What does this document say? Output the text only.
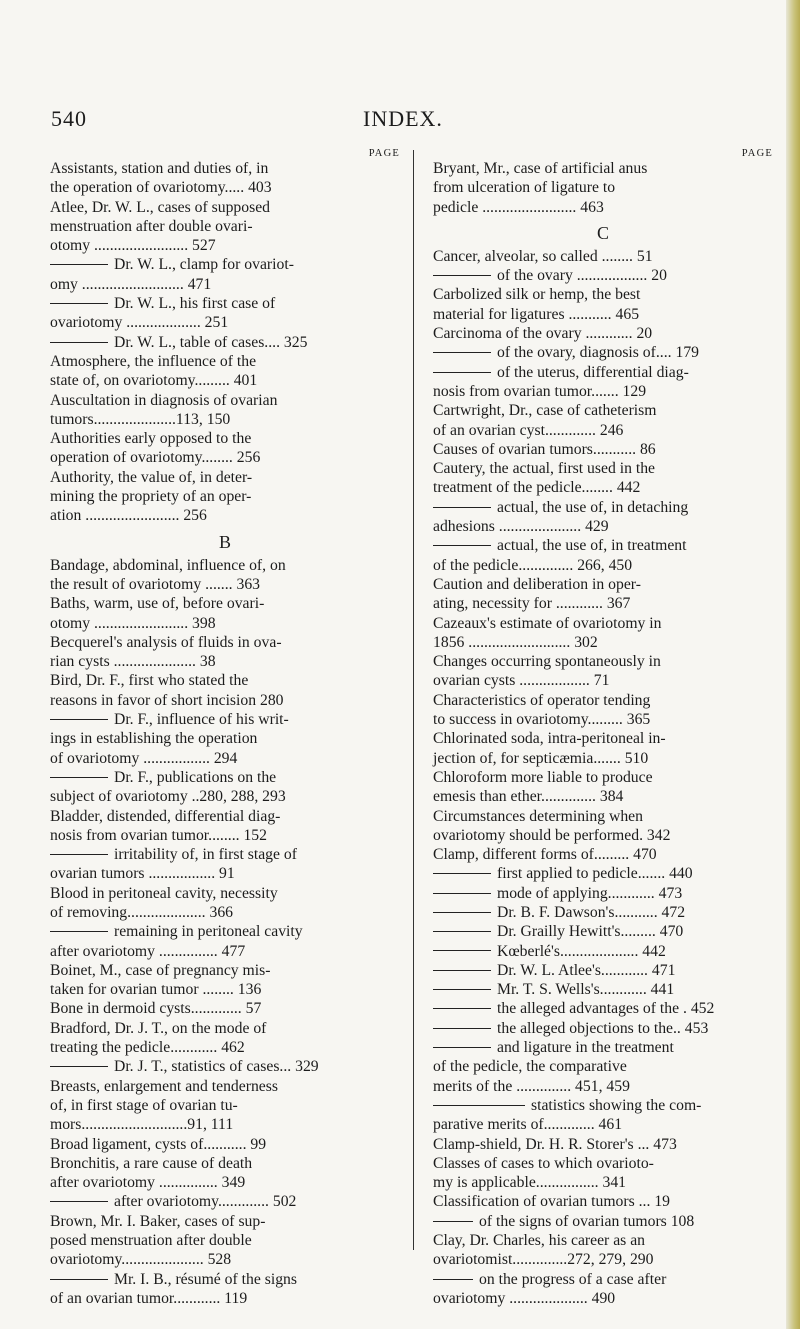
540	INDEX.
PAGE
Assistants, station and duties of, in
the operation of ovariotomy..... 403
Atlee, Dr. W. L., cases of supposed
menstruation after double ovari-
otomy ........................ 527
Dr. W. L., clamp for ovariot-
omy .......................... 471
Dr. W. L., his first case of
ovariotomy ................... 251
Dr. W. L., table of cases.... 325
Atmosphere, the influence of the
state of, on ovariotomy......... 401
Auscultation in diagnosis of ovarian
tumors.....................113, 150
Authorities early opposed to the
operation of ovariotomy........ 256
Authority, the value of, in deter-
mining the propriety of an oper-
ation ........................ 256
B
Bandage, abdominal, influence of, on
the result of ovariotomy ....... 363
Baths, warm, use of, before ovari-
otomy ........................ 398
Becquerel's analysis of fluids in ova-
rian cysts ..................... 38
Bird, Dr. F., first who stated the
reasons in favor of short incision 280
Dr. F., influence of his writ-
ings in establishing the operation
of ovariotomy ................. 294
Dr. F., publications on the
subject of ovariotomy ..280, 288, 293
Bladder, distended, differential diag-
nosis from ovarian tumor........ 152
irritability of, in first stage of
ovarian tumors ................. 91
Blood in peritoneal cavity, necessity
of removing.................... 366
remaining in peritoneal cavity
after ovariotomy ............... 477
Boinet, M., case of pregnancy mis-
taken for ovarian tumor ........ 136
Bone in dermoid cysts............. 57
Bradford, Dr. J. T., on the mode of
treating the pedicle............ 462
Dr. J. T., statistics of cases... 329
Breasts, enlargement and tenderness
of, in first stage of ovarian tu-
mors...........................91, 111
Broad ligament, cysts of........... 99
Bronchitis, a rare cause of death
after ovariotomy ............... 349
after ovariotomy............. 502
Brown, Mr. I. Baker, cases of sup-
posed menstruation after double
ovariotomy..................... 528
Mr. I. B., résumé of the signs
of an ovarian tumor............ 119
PAGE
Bryant, Mr., case of artificial anus
from ulceration of ligature to
pedicle ........................ 463
C
Cancer, alveolar, so called ........ 51
of the ovary .................. 20
Carbolized silk or hemp, the best
material for ligatures ........... 465
Carcinoma of the ovary ............ 20
of the ovary, diagnosis of.... 179
of the uterus, differential diag-
nosis from ovarian tumor....... 129
Cartwright, Dr., case of catheterism
of an ovarian cyst............. 246
Causes of ovarian tumors........... 86
Cautery, the actual, first used in the
treatment of the pedicle........ 442
actual, the use of, in detaching
adhesions ..................... 429
actual, the use of, in treatment
of the pedicle.............. 266, 450
Caution and deliberation in oper-
ating, necessity for ............ 367
Cazeaux's estimate of ovariotomy in
1856 .......................... 302
Changes occurring spontaneously in
ovarian cysts .................. 71
Characteristics of operator tending
to success in ovariotomy......... 365
Chlorinated soda, intra-peritoneal in-
jection of, for septicæmia....... 510
Chloroform more liable to produce
emesis than ether.............. 384
Circumstances determining when
ovariotomy should be performed. 342
Clamp, different forms of......... 470
first applied to pedicle....... 440
mode of applying............ 473
Dr. B. F. Dawson's........... 472
Dr. Grailly Hewitt's......... 470
Kœberlé's.................... 442
Dr. W. L. Atlee's............ 471
Mr. T. S. Wells's............ 441
the alleged advantages of the . 452
the alleged objections to the.. 453
and ligature in the treatment
of the pedicle, the comparative
merits of the .............. 451, 459
statistics showing the com-
parative merits of............. 461
Clamp-shield, Dr. H. R. Storer's ... 473
Classes of cases to which ovarioto-
my is applicable................ 341
Classification of ovarian tumors ... 19
of the signs of ovarian tumors 108
Clay, Dr. Charles, his career as an
ovariotomist..............272, 279, 290
on the progress of a case after
ovariotomy .................... 490
